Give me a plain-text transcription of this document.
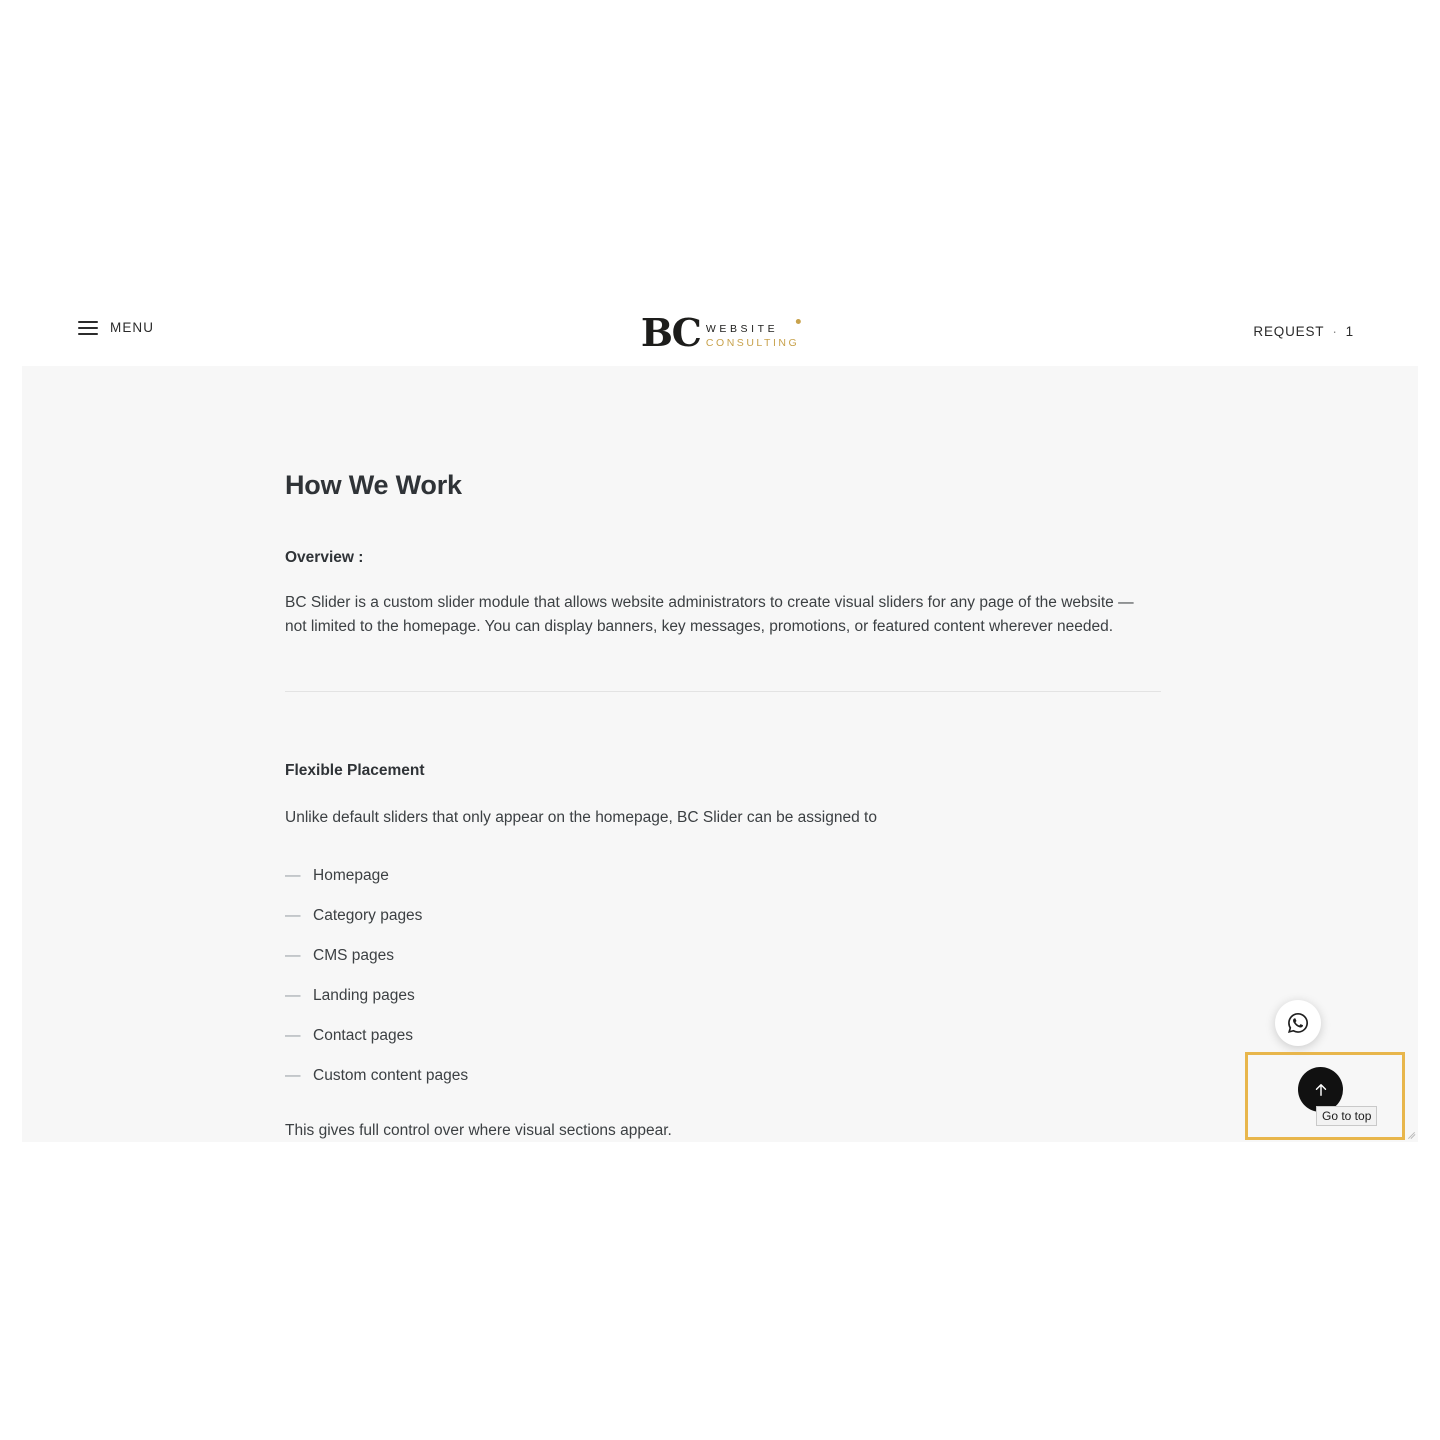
MENU	BC WEBSITE
CONSULTING
REQUEST · 1
How We Work
Overview :

BC Slider is a custom slider module that allows website administrators to create visual sliders for any page of the website — not limited to the homepage. You can display banners, key messages, promotions, or featured content wherever needed.

Flexible Placement

Unlike default sliders that only appear on the homepage, BC Slider can be assigned to

— Homepage
— Category pages
— CMS pages
— Landing pages
— Contact pages
— Custom content pages

This gives full control over where visual sections appear.

Go to top
